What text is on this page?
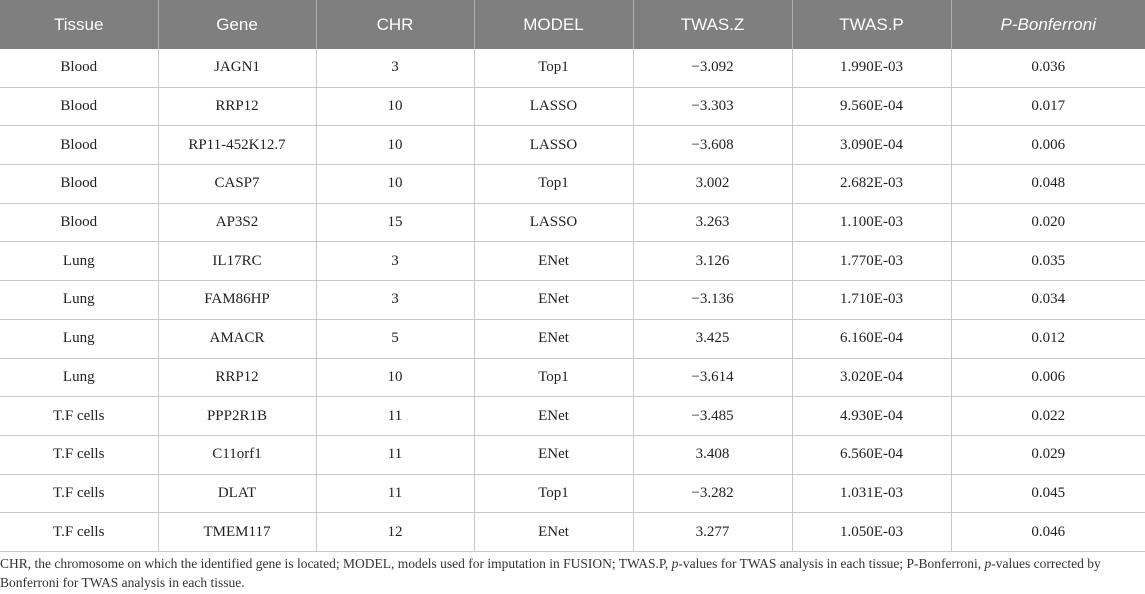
Tissue	Gene	CHR	MODEL	TWAS.Z	TWAS.P	P-Bonferroni
Blood	JAGN1	3	Top1	−3.092	1.990E-03	0.036
Blood	RRP12	10	LASSO	−3.303	9.560E-04	0.017
Blood	RP11-452K12.7	10	LASSO	−3.608	3.090E-04	0.006
Blood	CASP7	10	Top1	3.002	2.682E-03	0.048
Blood	AP3S2	15	LASSO	3.263	1.100E-03	0.020
Lung	IL17RC	3	ENet	3.126	1.770E-03	0.035
Lung	FAM86HP	3	ENet	−3.136	1.710E-03	0.034
Lung	AMACR	5	ENet	3.425	6.160E-04	0.012
Lung	RRP12	10	Top1	−3.614	3.020E-04	0.006
T.F cells	PPP2R1B	11	ENet	−3.485	4.930E-04	0.022
T.F cells	C11orf1	11	ENet	3.408	6.560E-04	0.029
T.F cells	DLAT	11	Top1	−3.282	1.031E-03	0.045
T.F cells	TMEM117	12	ENet	3.277	1.050E-03	0.046
CHR, the chromosome on which the identified gene is located; MODEL, models used for imputation in FUSION; TWAS.P, p-values for TWAS analysis in each tissue; P-Bonferroni, p-values corrected by Bonferroni for TWAS analysis in each tissue.
